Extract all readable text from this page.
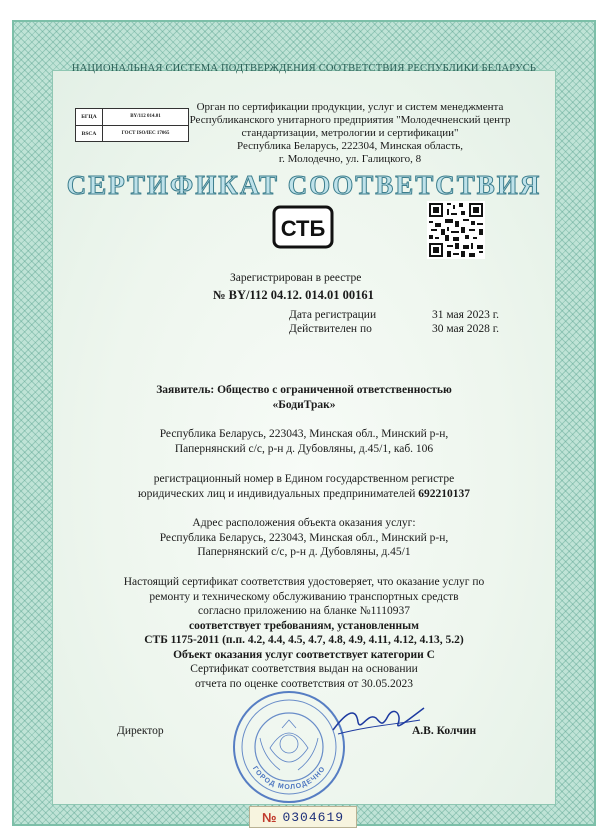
НАЦИОНАЛЬНАЯ СИСТЕМА ПОДТВЕРЖДЕНИЯ СООТВЕТСТВИЯ РЕСПУБЛИКИ БЕЛАРУСЬ
БГЦА	BY/112 014.01
BSCA	ГОСТ ISO/IEC 17065
Орган по сертификации продукции, услуг и систем менеджмента
Республиканского унитарного предприятия "Молодечненский центр
стандартизации, метрологии и сертификации"
Республика Беларусь, 222304, Минская область,
г. Молодечно, ул. Галицкого, 8
СЕРТИФИКАТ СООТВЕТСТВИЯ
СТБ
Зарегистрирован в реестре
№ BY/112 04.12. 014.01 00161
Дата регистрации	31 мая 2023 г.
Действителен по	30 мая 2028 г.
Заявитель: Общество с ограниченной ответственностью
«БодиТрак»
Республика Беларусь, 223043, Минская обл., Минский р-н,
Папернянский с/с, р-н д. Дубовляны, д.45/1, каб. 106
регистрационный номер в Едином государственном регистре
юридических лиц и индивидуальных предпринимателей 692210137
Адрес расположения объекта оказания услуг:
Республика Беларусь, 223043, Минская обл., Минский р-н,
Папернянский с/с, р-н д. Дубовляны, д.45/1
Настоящий сертификат соответствия удостоверяет, что оказание услуг по
ремонту и техническому обслуживанию транспортных средств
согласно приложению на бланке №1110937
соответствует требованиям, установленным
СТБ 1175-2011 (п.п. 4.2, 4.4, 4.5, 4.7, 4.8, 4.9, 4.11, 4.12, 4.13, 5.2)
Объект оказания услуг соответствует категории С
Сертификат соответствия выдан на основании
отчета по оценке соответствия от 30.05.2023
ГОРОД МОЛОДЕЧНО
Директор	А.В. Колчин
№ 0304619
